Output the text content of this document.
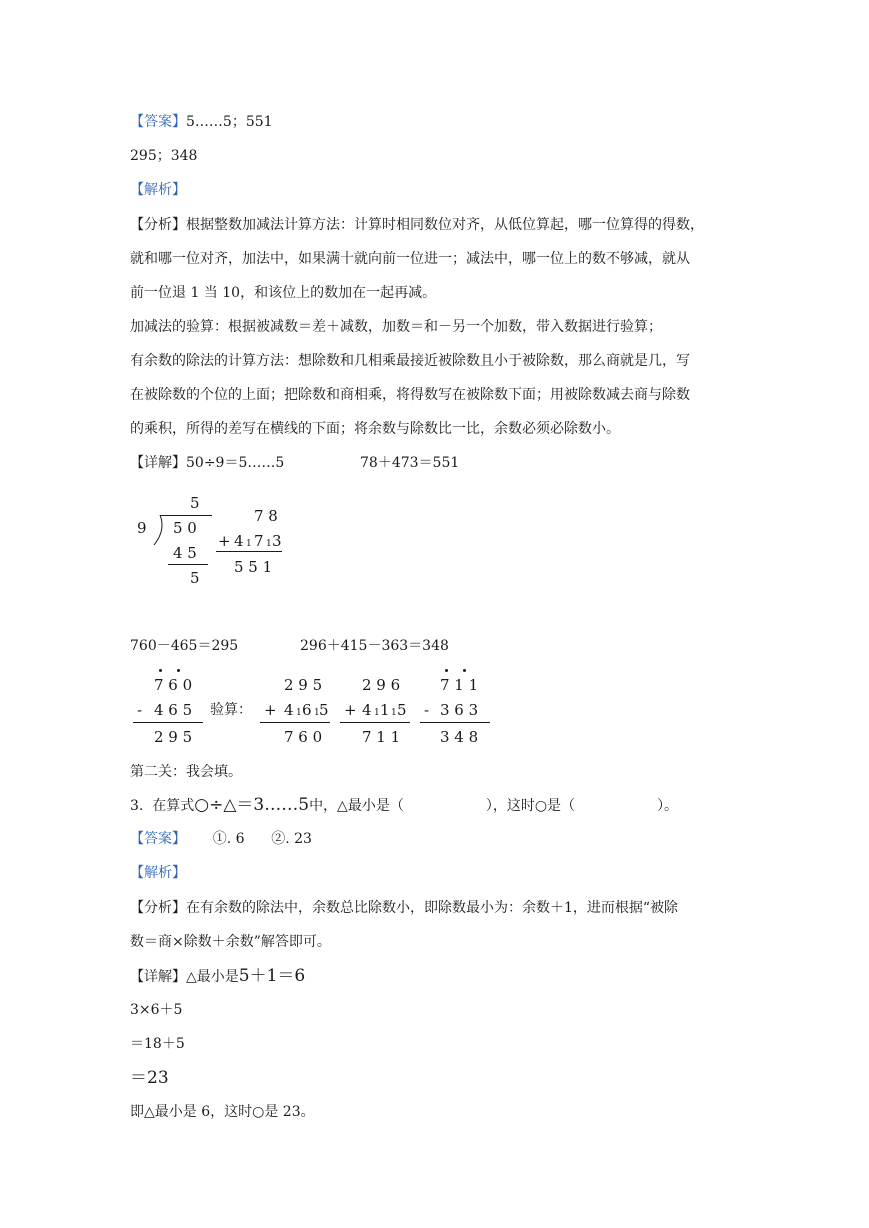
【答案】5……5；551
295；348
【解析】
【分析】根据整数加减法计算方法：计算时相同数位对齐，从低位算起，哪一位算得的得数，
就和哪一位对齐，加法中，如果满十就向前一位进一；减法中，哪一位上的数不够减，就从
前一位退 1 当 10，和该位上的数加在一起再减。
加减法的验算：根据被减数＝差＋减数，加数＝和－另一个加数，带入数据进行验算；
有余数的除法的计算方法：想除数和几相乘最接近被除数且小于被除数，那么商就是几，写
在被除数的个位的上面；把除数和商相乘，将得数写在被除数下面；用被除数减去商与除数
的乘积，所得的差写在横线的下面；将余数与除数比一比，余数必须必除数小。
【详解】50÷9＝5……5	78＋473＝551
5
9 5 0
4 5
5
7 8
+ 4 1 7 1 3
5 5 1
760－465＝295	296＋415－363＝348
7 6 0
- 4 6 5
2 9 5
验算：
2 9 5
+ 4 1 6 1 5
7 6 0
2 9 6
+ 4 1 1 1 5
7 1 1
7 1 1
- 3 6 3
3 4 8
第二关：我会填。
3. 在算式○÷△＝3……5中，△最小是（	），这时○是（	）。
【答案】 ①. 6 ②. 23
【解析】
【分析】在有余数的除法中，余数总比除数小，即除数最小为：余数＋1，进而根据“被除
数＝商×除数＋余数”解答即可。
【详解】△最小是5＋1＝6
3×6＋5
＝18＋5
＝23
即△最小是 6，这时○是 23。
